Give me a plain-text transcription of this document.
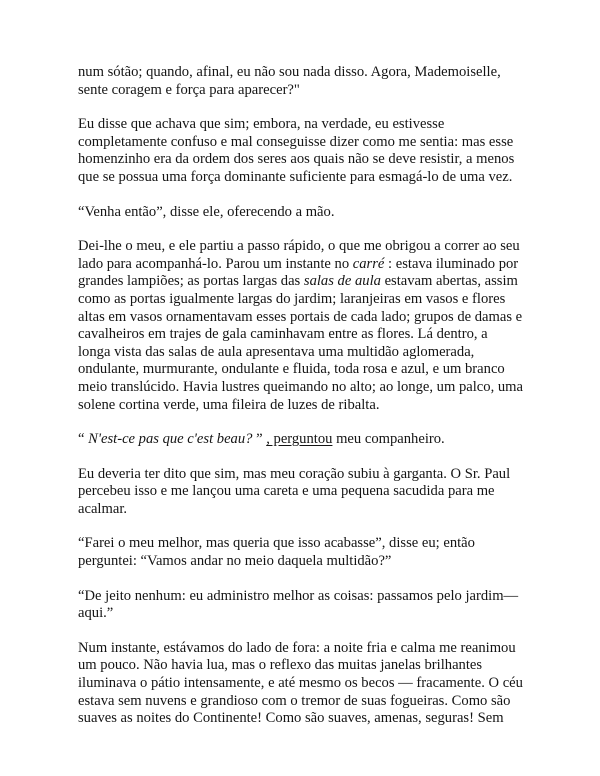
num sótão; quando, afinal, eu não sou nada disso. Agora, Mademoiselle,
sente coragem e força para aparecer?"

Eu disse que achava que sim; embora, na verdade, eu estivesse
completamente confuso e mal conseguisse dizer como me sentia: mas esse
homenzinho era da ordem dos seres aos quais não se deve resistir, a menos
que se possua uma força dominante suficiente para esmagá-lo de uma vez.

“Venha então”, disse ele, oferecendo a mão.

Dei-lhe o meu, e ele partiu a passo rápido, o que me obrigou a correr ao seu
lado para acompanhá-lo. Parou um instante no carré : estava iluminado por
grandes lampiões; as portas largas das salas de aula estavam abertas, assim
como as portas igualmente largas do jardim; laranjeiras em vasos e flores
altas em vasos ornamentavam esses portais de cada lado; grupos de damas e
cavalheiros em trajes de gala caminhavam entre as flores. Lá dentro, a
longa vista das salas de aula apresentava uma multidão aglomerada,
ondulante, murmurante, ondulante e fluida, toda rosa e azul, e um branco
meio translúcido. Havia lustres queimando no alto; ao longe, um palco, uma
solene cortina verde, uma fileira de luzes de ribalta.

“ N'est-ce pas que c'est beau? ” , perguntou meu companheiro.

Eu deveria ter dito que sim, mas meu coração subiu à garganta. O Sr. Paul
percebeu isso e me lançou uma careta e uma pequena sacudida para me
acalmar.

“Farei o meu melhor, mas queria que isso acabasse”, disse eu; então
perguntei: “Vamos andar no meio daquela multidão?”

“De jeito nenhum: eu administro melhor as coisas: passamos pelo jardim—
aqui.”

Num instante, estávamos do lado de fora: a noite fria e calma me reanimou
um pouco. Não havia lua, mas o reflexo das muitas janelas brilhantes
iluminava o pátio intensamente, e até mesmo os becos — fracamente. O céu
estava sem nuvens e grandioso com o tremor de suas fogueiras. Como são
suaves as noites do Continente! Como são suaves, amenas, seguras! Sem
